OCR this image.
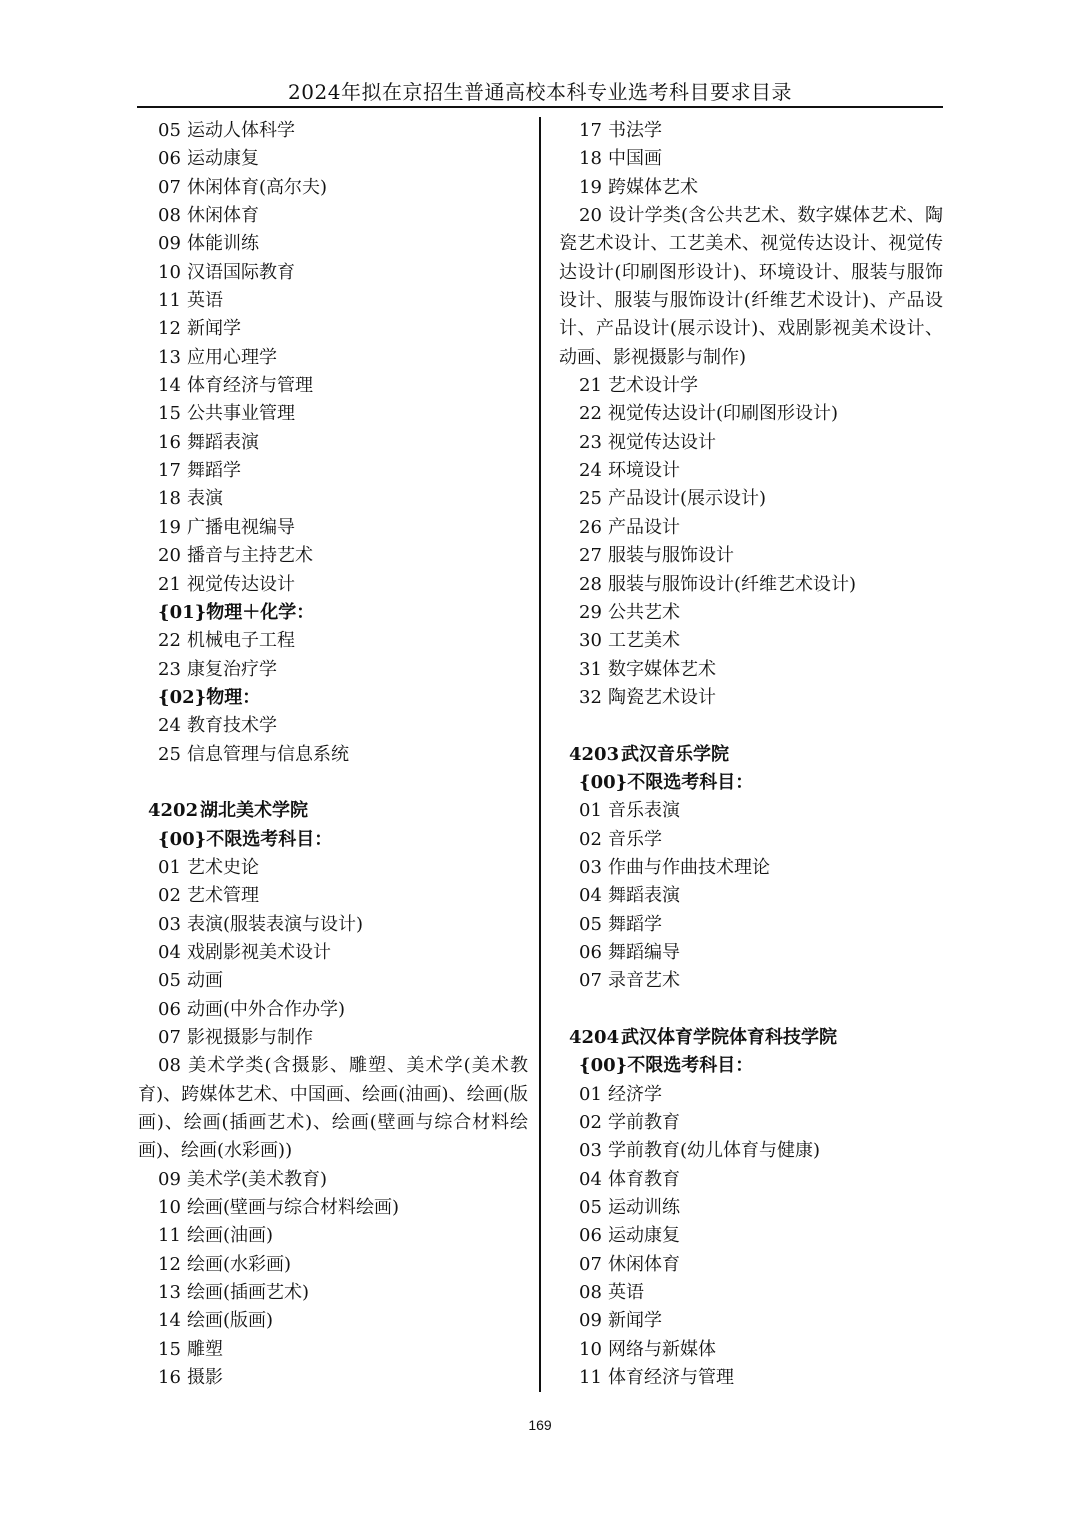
2024年拟在京招生普通高校本科专业选考科目要求目录
05 运动人体科学
06 运动康复
07 休闲体育(高尔夫)
08 休闲体育
09 体能训练
10 汉语国际教育
11 英语
12 新闻学
13 应用心理学
14 体育经济与管理
15 公共事业管理
16 舞蹈表演
17 舞蹈学
18 表演
19 广播电视编导
20 播音与主持艺术
21 视觉传达设计
{01}物理＋化学：
22 机械电子工程
23 康复治疗学
{02}物理：
24 教育技术学
25 信息管理与信息系统
4202 湖北美术学院
{00}不限选考科目：
01 艺术史论
02 艺术管理
03 表演(服装表演与设计)
04 戏剧影视美术设计
05 动画
06 动画(中外合作办学)
07 影视摄影与制作
08 美术学类(含摄影、雕塑、美术学(美术教育)、跨媒体艺术、中国画、绘画(油画)、绘画(版画)、绘画(插画艺术)、绘画(壁画与综合材料绘画)、绘画(水彩画))
09 美术学(美术教育)
10 绘画(壁画与综合材料绘画)
11 绘画(油画)
12 绘画(水彩画)
13 绘画(插画艺术)
14 绘画(版画)
15 雕塑
16 摄影
17 书法学
18 中国画
19 跨媒体艺术
20 设计学类(含公共艺术、数字媒体艺术、陶瓷艺术设计、工艺美术、视觉传达设计、视觉传达设计(印刷图形设计)、环境设计、服装与服饰设计、服装与服饰设计(纤维艺术设计)、产品设计、产品设计(展示设计)、戏剧影视美术设计、动画、影视摄影与制作)
21 艺术设计学
22 视觉传达设计(印刷图形设计)
23 视觉传达设计
24 环境设计
25 产品设计(展示设计)
26 产品设计
27 服装与服饰设计
28 服装与服饰设计(纤维艺术设计)
29 公共艺术
30 工艺美术
31 数字媒体艺术
32 陶瓷艺术设计
4203 武汉音乐学院
{00}不限选考科目：
01 音乐表演
02 音乐学
03 作曲与作曲技术理论
04 舞蹈表演
05 舞蹈学
06 舞蹈编导
07 录音艺术
4204 武汉体育学院体育科技学院
{00}不限选考科目：
01 经济学
02 学前教育
03 学前教育(幼儿体育与健康)
04 体育教育
05 运动训练
06 运动康复
07 休闲体育
08 英语
09 新闻学
10 网络与新媒体
11 体育经济与管理
169
